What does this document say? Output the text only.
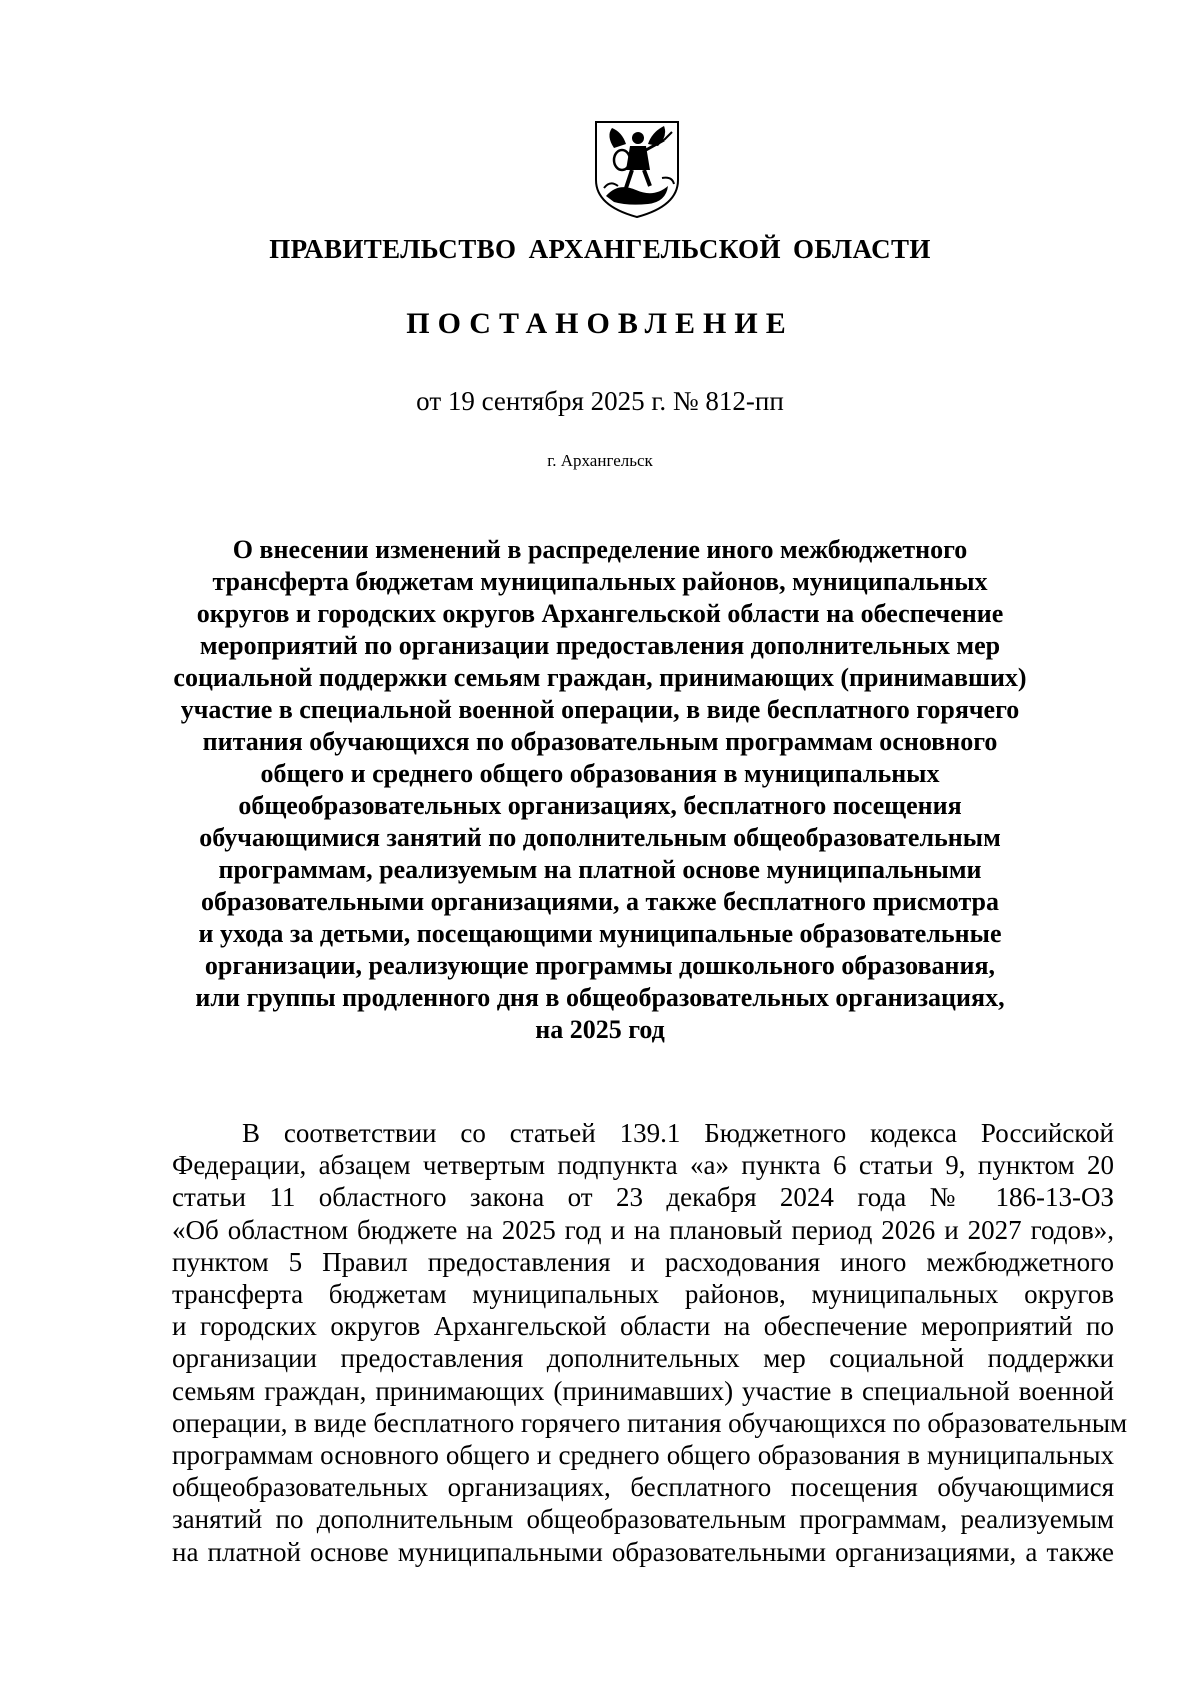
ПРАВИТЕЛЬСТВО АРХАНГЕЛЬСКОЙ ОБЛАСТИ
ПОСТАНОВЛЕНИЕ
от 19 сентября 2025 г. № 812-пп
г. Архангельск
О внесении изменений в распределение иного межбюджетного
трансферта бюджетам муниципальных районов, муниципальных
округов и городских округов Архангельской области на обеспечение
мероприятий по организации предоставления дополнительных мер
социальной поддержки семьям граждан, принимающих (принимавших)
участие в специальной военной операции, в виде бесплатного горячего
питания обучающихся по образовательным программам основного
общего и среднего общего образования в муниципальных
общеобразовательных организациях, бесплатного посещения
обучающимися занятий по дополнительным общеобразовательным
программам, реализуемым на платной основе муниципальными
образовательными организациями, а также бесплатного присмотра
и ухода за детьми, посещающими муниципальные образовательные
организации, реализующие программы дошкольного образования,
или группы продленного дня в общеобразовательных организациях,
на 2025 год
В соответствии со статьей 139.1 Бюджетного кодекса Российской
Федерации, абзацем четвертым подпункта «а» пункта 6 статьи 9, пунктом 20
статьи 11 областного закона от 23 декабря 2024 года № 186-13-ОЗ
«Об областном бюджете на 2025 год и на плановый период 2026 и 2027 годов»,
пунктом 5 Правил предоставления и расходования иного межбюджетного
трансферта бюджетам муниципальных районов, муниципальных округов
и городских округов Архангельской области на обеспечение мероприятий по
организации предоставления дополнительных мер социальной поддержки
семьям граждан, принимающих (принимавших) участие в специальной военной
операции, в виде бесплатного горячего питания обучающихся по образовательным
программам основного общего и среднего общего образования в муниципальных
общеобразовательных организациях, бесплатного посещения обучающимися
занятий по дополнительным общеобразовательным программам, реализуемым
на платной основе муниципальными образовательными организациями, а также
